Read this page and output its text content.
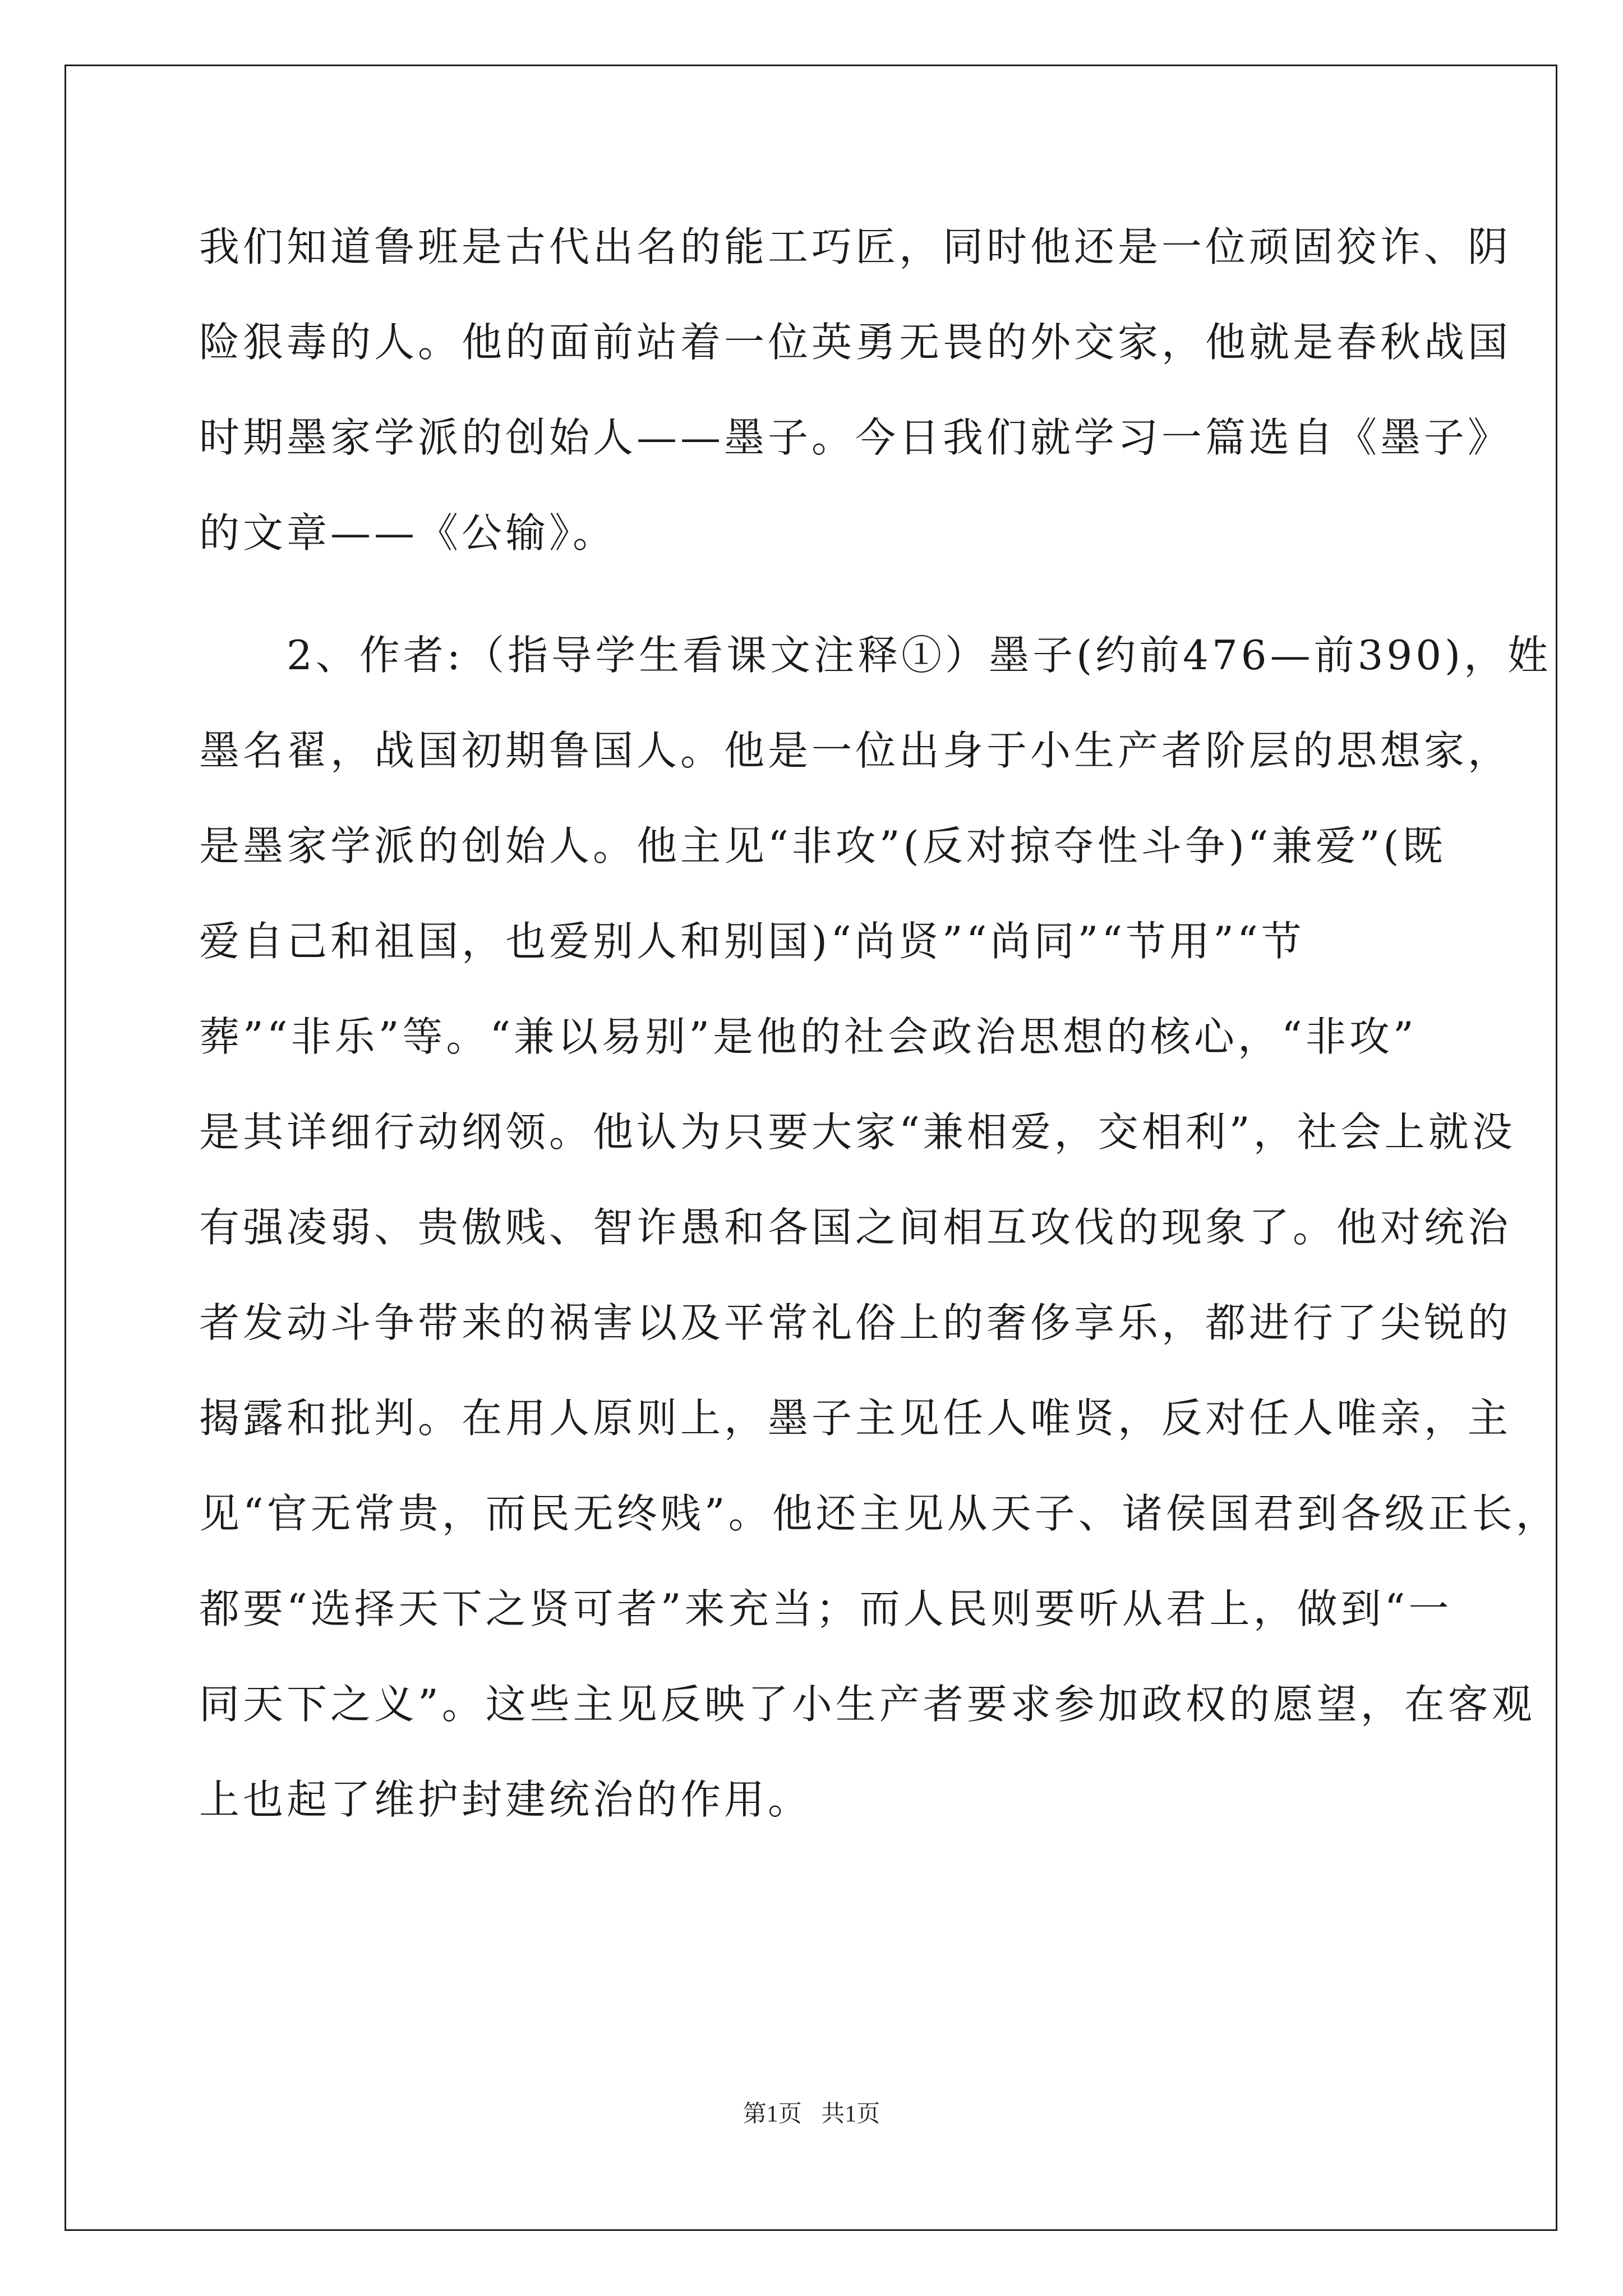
我们知道鲁班是古代出名的能工巧匠，同时他还是一位顽固狡诈、阴
险狠毒的人。他的面前站着一位英勇无畏的外交家，他就是春秋战国
时期墨家学派的创始人——墨子。今日我们就学习一篇选自《墨子》
的文章——《公输》。
　　2、作者:（指导学生看课文注释①）墨子(约前476—前390)，姓
墨名翟，战国初期鲁国人。他是一位出身于小生产者阶层的思想家，
是墨家学派的创始人。他主见“非攻”(反对掠夺性斗争)“兼爱”(既
爱自己和祖国，也爱别人和别国)“尚贤”“尚同”“节用”“节
葬”“非乐”等。“兼以易别”是他的社会政治思想的核心，“非攻”
是其详细行动纲领。他认为只要大家“兼相爱，交相利”，社会上就没
有强凌弱、贵傲贱、智诈愚和各国之间相互攻伐的现象了。他对统治
者发动斗争带来的祸害以及平常礼俗上的奢侈享乐，都进行了尖锐的
揭露和批判。在用人原则上，墨子主见任人唯贤，反对任人唯亲，主
见“官无常贵，而民无终贱”。他还主见从天子、诸侯国君到各级正长，
都要“选择天下之贤可者”来充当；而人民则要听从君上，做到“一
同天下之义”。这些主见反映了小生产者要求参加政权的愿望，在客观
上也起了维护封建统治的作用。
第1页 共1页
